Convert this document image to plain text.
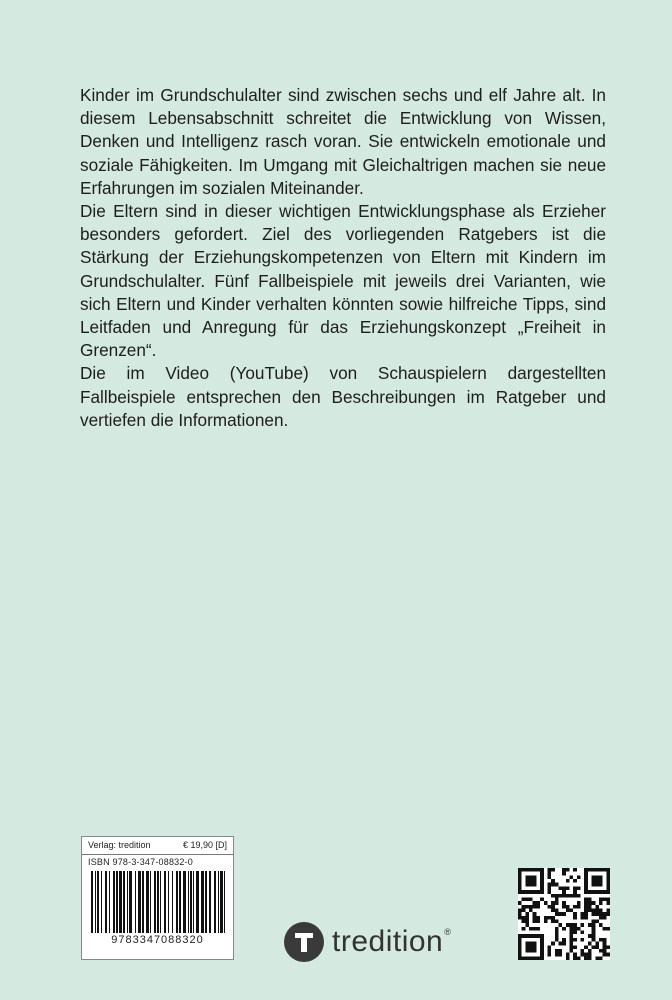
Kinder im Grundschulalter sind zwischen sechs und elf Jahre alt. In diesem Lebensabschnitt schreitet die Entwicklung von Wissen, Denken und Intelligenz rasch voran. Sie entwickeln emotionale und soziale Fähigkeiten. Im Umgang mit Gleichaltrigen machen sie neue Erfahrungen im sozialen Miteinander.

Die Eltern sind in dieser wichtigen Entwicklungsphase als Erzieher besonders gefordert. Ziel des vorliegenden Ratgebers ist die Stärkung der Erziehungskompetenzen von Eltern mit Kindern im Grundschulalter. Fünf Fallbeispiele mit jeweils drei Varianten, wie sich Eltern und Kinder verhalten könnten sowie hilfreiche Tipps, sind Leitfaden und Anregung für das Erziehungskonzept „Freiheit in Grenzen“.

Die im Video (YouTube) von Schauspielern dargestellten Fallbeispiele entsprechen den Beschreibungen im Ratgeber und vertiefen die Informationen.

Verlag: tredition	€ 19,90 [D]
ISBN 978-3-347-08832-0
9783347088320	tredition®
